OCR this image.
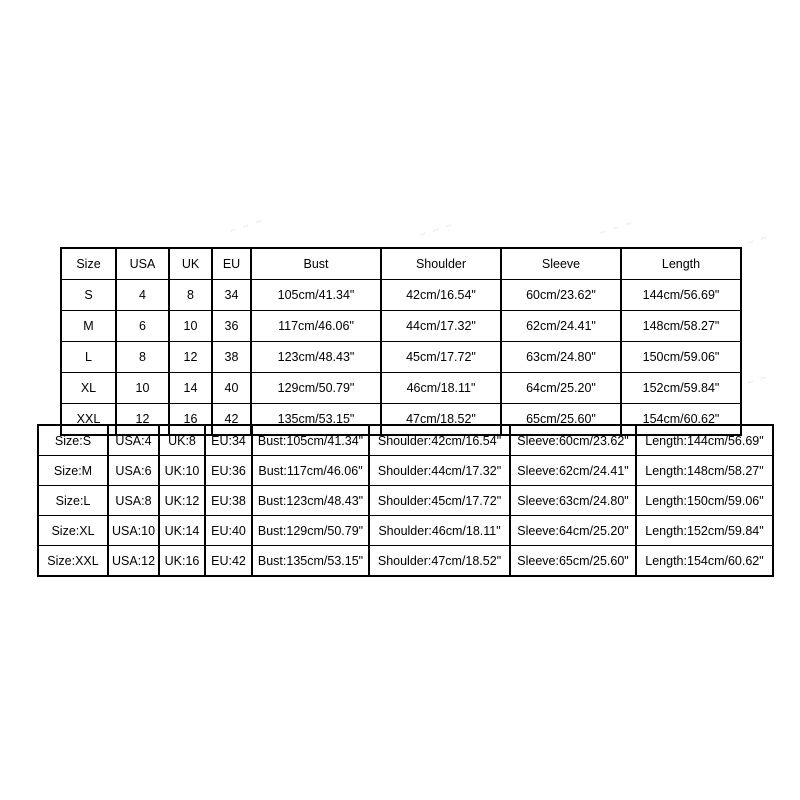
˜ ˜ ˜	˜ ˜ ˜	˜ ˜ ˜	˜ ˜
˜ ˜
Size	USA	UK	EU	Bust	Shoulder	Sleeve	Length
S	4	8	34	105cm/41.34"	42cm/16.54"	60cm/23.62"	144cm/56.69"
M	6	10	36	117cm/46.06"	44cm/17.32"	62cm/24.41"	148cm/58.27"
L	8	12	38	123cm/48.43"	45cm/17.72"	63cm/24.80"	150cm/59.06"
XL	10	14	40	129cm/50.79"	46cm/18.11"	64cm/25.20"	152cm/59.84"
XXL	12	16	42	135cm/53.15"	47cm/18.52"	65cm/25.60"	154cm/60.62"
Size:S	USA:4	UK:8	EU:34	Bust:105cm/41.34"	Shoulder:42cm/16.54"	Sleeve:60cm/23.62"	Length:144cm/56.69"
Size:M	USA:6	UK:10	EU:36	Bust:117cm/46.06"	Shoulder:44cm/17.32"	Sleeve:62cm/24.41"	Length:148cm/58.27"
Size:L	USA:8	UK:12	EU:38	Bust:123cm/48.43"	Shoulder:45cm/17.72"	Sleeve:63cm/24.80"	Length:150cm/59.06"
Size:XL	USA:10	UK:14	EU:40	Bust:129cm/50.79"	Shoulder:46cm/18.11"	Sleeve:64cm/25.20"	Length:152cm/59.84"
Size:XXL	USA:12	UK:16	EU:42	Bust:135cm/53.15"	Shoulder:47cm/18.52"	Sleeve:65cm/25.60"	Length:154cm/60.62"
